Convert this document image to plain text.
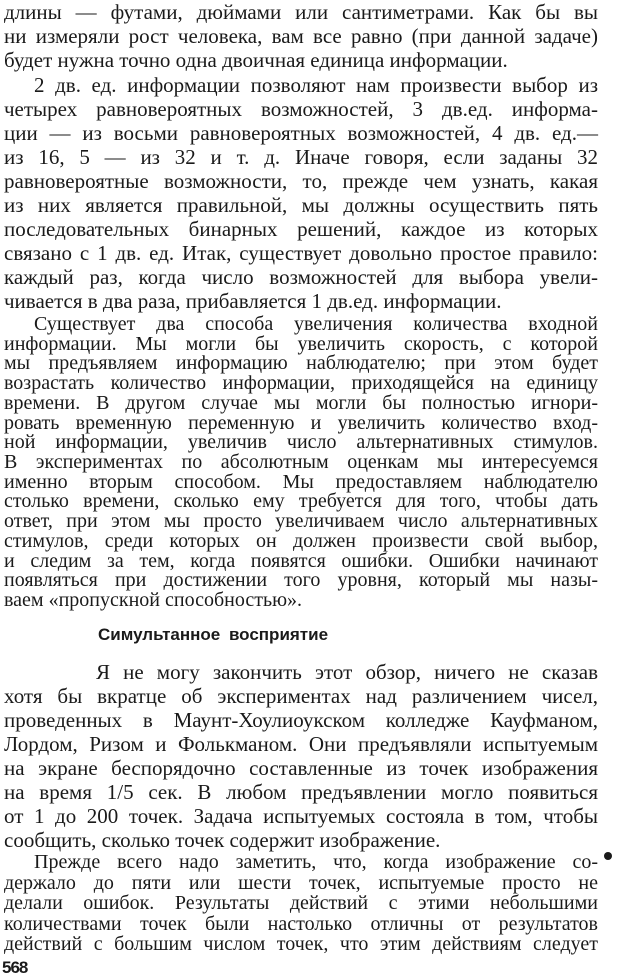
длины — футами, дюймами или сантиметрами. Как бы вы
ни измеряли рост человека, вам все равно (при данной задаче)
будет нужна точно одна двоичная единица информации.
2 дв. ед. информации позволяют нам произвести выбор из
четырех равновероятных возможностей, 3 дв.ед. информа-
ции — из восьми равновероятных возможностей, 4 дв. ед.—
из 16, 5 — из 32 и т. д. Иначе говоря, если заданы 32
равновероятные возможности, то, прежде чем узнать, какая
из них является правильной, мы должны осуществить пять
последовательных бинарных решений, каждое из которых
связано с 1 дв. ед. Итак, существует довольно простое правило:
каждый раз, когда число возможностей для выбора увели-
чивается в два раза, прибавляется 1 дв.ед. информации.
Существует два способа увеличения количества входной
информации. Мы могли бы увеличить скорость, с которой
мы предъявляем информацию наблюдателю; при этом будет
возрастать количество информации, приходящейся на единицу
времени. В другом случае мы могли бы полностью игнори-
ровать временную переменную и увеличить количество вход-
ной информации, увеличив число альтернативных стимулов.
В экспериментах по абсолютным оценкам мы интересуемся
именно вторым способом. Мы предоставляем наблюдателю
столько времени, сколько ему требуется для того, чтобы дать
ответ, при этом мы просто увеличиваем число альтернативных
стимулов, среди которых он должен произвести свой выбор,
Симультанное восприятие
Я не могу закончить этот обзор, ничего не сказав
хотя бы вкратце об экспериментах над различением чисел,
проведенных в Маунт-Хоулиоукском колледже Кауфманом,
Лордом, Ризом и Фолькманом. Они предъявляли испытуемым
на экране беспорядочно составленные из точек изображения
на время 1/5 сек. В любом предъявлении могло появиться
от 1 до 200 точек. Задача испытуемых состояла в том, чтобы
сообщить, сколько точек содержит изображение.
Прежде всего надо заметить, что, когда изображение со-
держало до пяти или шести точек, испытуемые просто не
делали ошибок. Результаты действий с этими небольшими
количествами точек были настолько отличны от результатов
568
и следим за тем, когда появятся ошибки. Ошибки начинают
появляться при достижении того уровня, который мы назы-
ваем «пропускной способностью».
действий с большим числом точек, что этим действиям следует
